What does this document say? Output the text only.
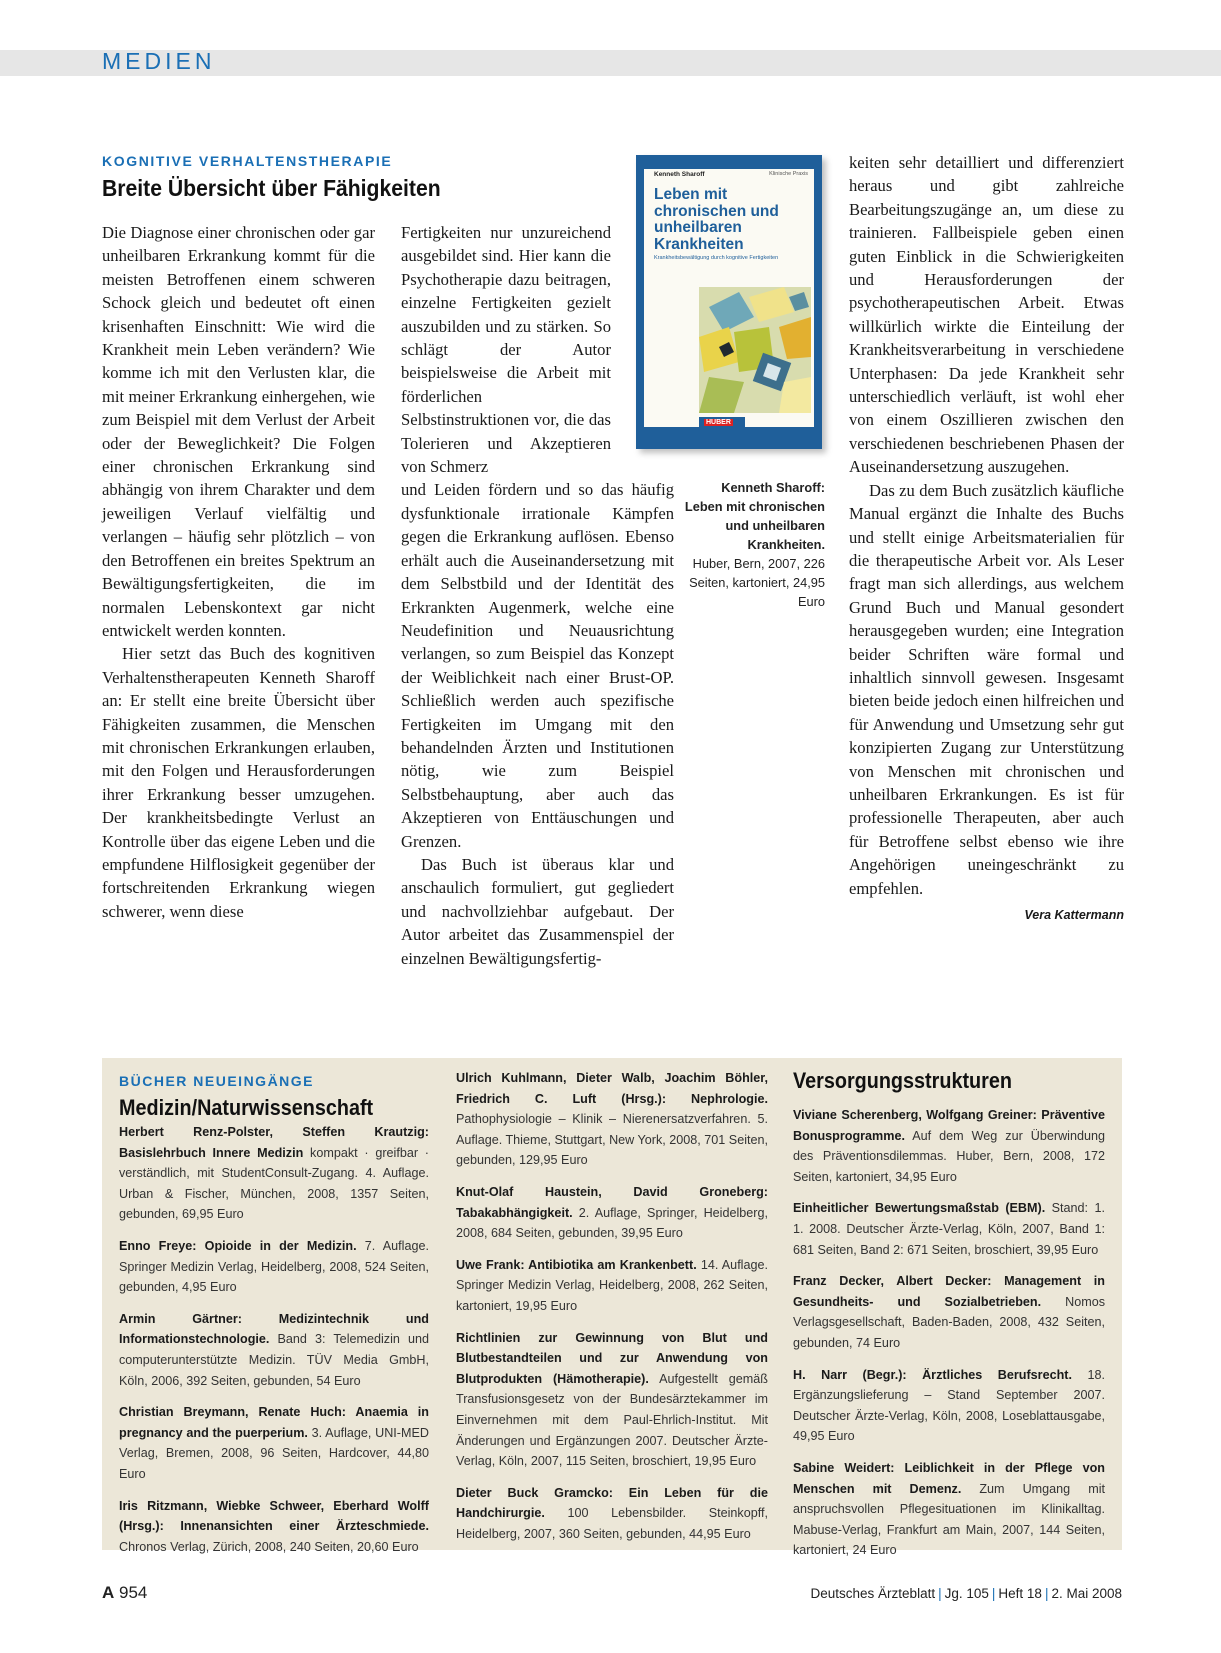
MEDIEN
KOGNITIVE VERHALTENSTHERAPIE
Breite Übersicht über Fähigkeiten

Die Diagnose einer chronischen oder gar unheilbaren Erkrankung kommt für die meisten Betroffenen einem schweren Schock gleich und bedeutet oft einen krisenhaften Einschnitt: Wie wird die Krankheit mein Leben verändern? Wie komme ich mit den Verlusten klar, die mit meiner Erkrankung einhergehen, wie zum Beispiel mit dem Verlust der Arbeit oder der Beweglichkeit? Die Folgen einer chronischen Erkrankung sind abhängig von ihrem Charakter und dem jeweiligen Verlauf vielfältig und verlangen – häufig sehr plötzlich – von den Betroffenen ein breites Spektrum an Bewältigungsfertigkeiten, die im normalen Lebenskontext gar nicht entwickelt werden konnten.

Hier setzt das Buch des kognitiven Verhaltenstherapeuten Kenneth Sharoff an: Er stellt eine breite Übersicht über Fähigkeiten zusammen, die Menschen mit chronischen Erkrankungen erlauben, mit den Folgen und Herausforderungen ihrer Erkrankung besser umzugehen. Der krankheitsbedingte Verlust an Kontrolle über das eigene Leben und die empfundene Hilflosigkeit gegenüber der fortschreitenden Erkrankung wiegen schwerer, wenn diese

Fertigkeiten nur unzureichend ausgebildet sind. Hier kann die Psychotherapie dazu beitragen, einzelne Fertigkeiten gezielt auszubilden und zu stärken. So schlägt der Autor beispielsweise die Arbeit mit förderlichen Selbstinstruktionen vor, die das Tolerieren und Akzeptieren von Schmerz

und Leiden fördern und so das häufig dysfunktionale irrationale Kämpfen gegen die Erkrankung auflösen. Ebenso erhält auch die Auseinandersetzung mit dem Selbstbild und der Identität des Erkrankten Augenmerk, welche eine Neudefinition und Neuausrichtung verlangen, so zum Beispiel das Konzept der Weiblichkeit nach einer Brust-OP. Schließlich werden auch spezifische Fertigkeiten im Umgang mit den behandelnden Ärzten und Institutionen nötig, wie zum Beispiel Selbstbehauptung, aber auch das Akzeptieren von Enttäuschungen und Grenzen.

Das Buch ist überaus klar und anschaulich formuliert, gut gegliedert und nachvollziehbar aufgebaut. Der Autor arbeitet das Zusammenspiel der einzelnen Bewältigungsfertig-

Kenneth Sharoff	Klinische Praxis
Leben mit chronischen und unheilbaren Krankheiten
Krankheitsbewältigung durch kognitive Fertigkeiten
HUBER
Kenneth Sharoff: Leben mit chronischen und unheilbaren Krankheiten.
Huber, Bern, 2007, 226 Seiten, kartoniert, 24,95 Euro

keiten sehr detailliert und differenziert heraus und gibt zahlreiche Bearbeitungszugänge an, um diese zu trainieren. Fallbeispiele geben einen guten Einblick in die Schwierigkeiten und Herausforderungen der psychotherapeutischen Arbeit. Etwas willkürlich wirkte die Einteilung der Krankheitsverarbeitung in verschiedene Unterphasen: Da jede Krankheit sehr unterschiedlich verläuft, ist wohl eher von einem Oszillieren zwischen den verschiedenen beschriebenen Phasen der Auseinandersetzung auszugehen.

Das zu dem Buch zusätzlich käufliche Manual ergänzt die Inhalte des Buchs und stellt einige Arbeitsmaterialien für die therapeutische Arbeit vor. Als Leser fragt man sich allerdings, aus welchem Grund Buch und Manual gesondert herausgegeben wurden; eine Integration beider Schriften wäre formal und inhaltlich sinnvoll gewesen. Insgesamt bieten beide jedoch einen hilfreichen und für Anwendung und Umsetzung sehr gut konzipierten Zugang zur Unterstützung von Menschen mit chronischen und unheilbaren Erkrankungen. Es ist für professionelle Therapeuten, aber auch für Betroffene selbst ebenso wie ihre Angehörigen uneingeschränkt zu empfehlen.

Vera Kattermann
BÜCHER NEUEINGÄNGE
Medizin/Naturwissenschaft
Versorgungsstrukturen

Herbert Renz-Polster, Steffen Krautzig: Basislehrbuch Innere Medizin kompakt · greifbar · verständlich, mit StudentConsult-Zugang. 4. Auflage. Urban & Fischer, München, 2008, 1357 Seiten, gebunden, 69,95 Euro

Enno Freye: Opioide in der Medizin. 7. Auflage. Springer Medizin Verlag, Heidelberg, 2008, 524 Seiten, gebunden, 4,95 Euro

Armin Gärtner: Medizintechnik und Informationstechnologie. Band 3: Telemedizin und computerunterstützte Medizin. TÜV Media GmbH, Köln, 2006, 392 Seiten, gebunden, 54 Euro

Christian Breymann, Renate Huch: Anaemia in pregnancy and the puerperium. 3. Auflage, UNI-MED Verlag, Bremen, 2008, 96 Seiten, Hardcover, 44,80 Euro

Iris Ritzmann, Wiebke Schweer, Eberhard Wolff (Hrsg.): Innenansichten einer Ärzteschmiede. Chronos Verlag, Zürich, 2008, 240 Seiten, 20,60 Euro

Ulrich Kuhlmann, Dieter Walb, Joachim Böhler, Friedrich C. Luft (Hrsg.): Nephrologie. Pathophysiologie – Klinik – Nierenersatzverfahren. 5. Auflage. Thieme, Stuttgart, New York, 2008, 701 Seiten, gebunden, 129,95 Euro

Knut-Olaf Haustein, David Groneberg: Tabakabhängigkeit. 2. Auflage, Springer, Heidelberg, 2008, 684 Seiten, gebunden, 39,95 Euro

Uwe Frank: Antibiotika am Krankenbett. 14. Auflage. Springer Medizin Verlag, Heidelberg, 2008, 262 Seiten, kartoniert, 19,95 Euro

Richtlinien zur Gewinnung von Blut und Blutbestandteilen und zur Anwendung von Blutprodukten (Hämotherapie). Aufgestellt gemäß Transfusionsgesetz von der Bundesärztekammer im Einvernehmen mit dem Paul-Ehrlich-Institut. Mit Änderungen und Ergänzungen 2007. Deutscher Ärzte-Verlag, Köln, 2007, 115 Seiten, broschiert, 19,95 Euro

Dieter Buck Gramcko: Ein Leben für die Handchirurgie. 100 Lebensbilder. Steinkopff, Heidelberg, 2007, 360 Seiten, gebunden, 44,95 Euro

Viviane Scherenberg, Wolfgang Greiner: Präventive Bonusprogramme. Auf dem Weg zur Überwindung des Präventionsdilemmas. Huber, Bern, 2008, 172 Seiten, kartoniert, 34,95 Euro

Einheitlicher Bewertungsmaßstab (EBM). Stand: 1. 1. 2008. Deutscher Ärzte-Verlag, Köln, 2007, Band 1: 681 Seiten, Band 2: 671 Seiten, broschiert, 39,95 Euro

Franz Decker, Albert Decker: Management in Gesundheits- und Sozialbetrieben. Nomos Verlagsgesellschaft, Baden-Baden, 2008, 432 Seiten, gebunden, 74 Euro

H. Narr (Begr.): Ärztliches Berufsrecht. 18. Ergänzungslieferung – Stand September 2007. Deutscher Ärzte-Verlag, Köln, 2008, Loseblattausgabe, 49,95 Euro

Sabine Weidert: Leiblichkeit in der Pflege von Menschen mit Demenz. Zum Umgang mit anspruchsvollen Pflegesituationen im Klinikalltag. Mabuse-Verlag, Frankfurt am Main, 2007, 144 Seiten, kartoniert, 24 Euro

A 954	Deutsches Ärzteblatt | Jg. 105 | Heft 18 | 2. Mai 2008
